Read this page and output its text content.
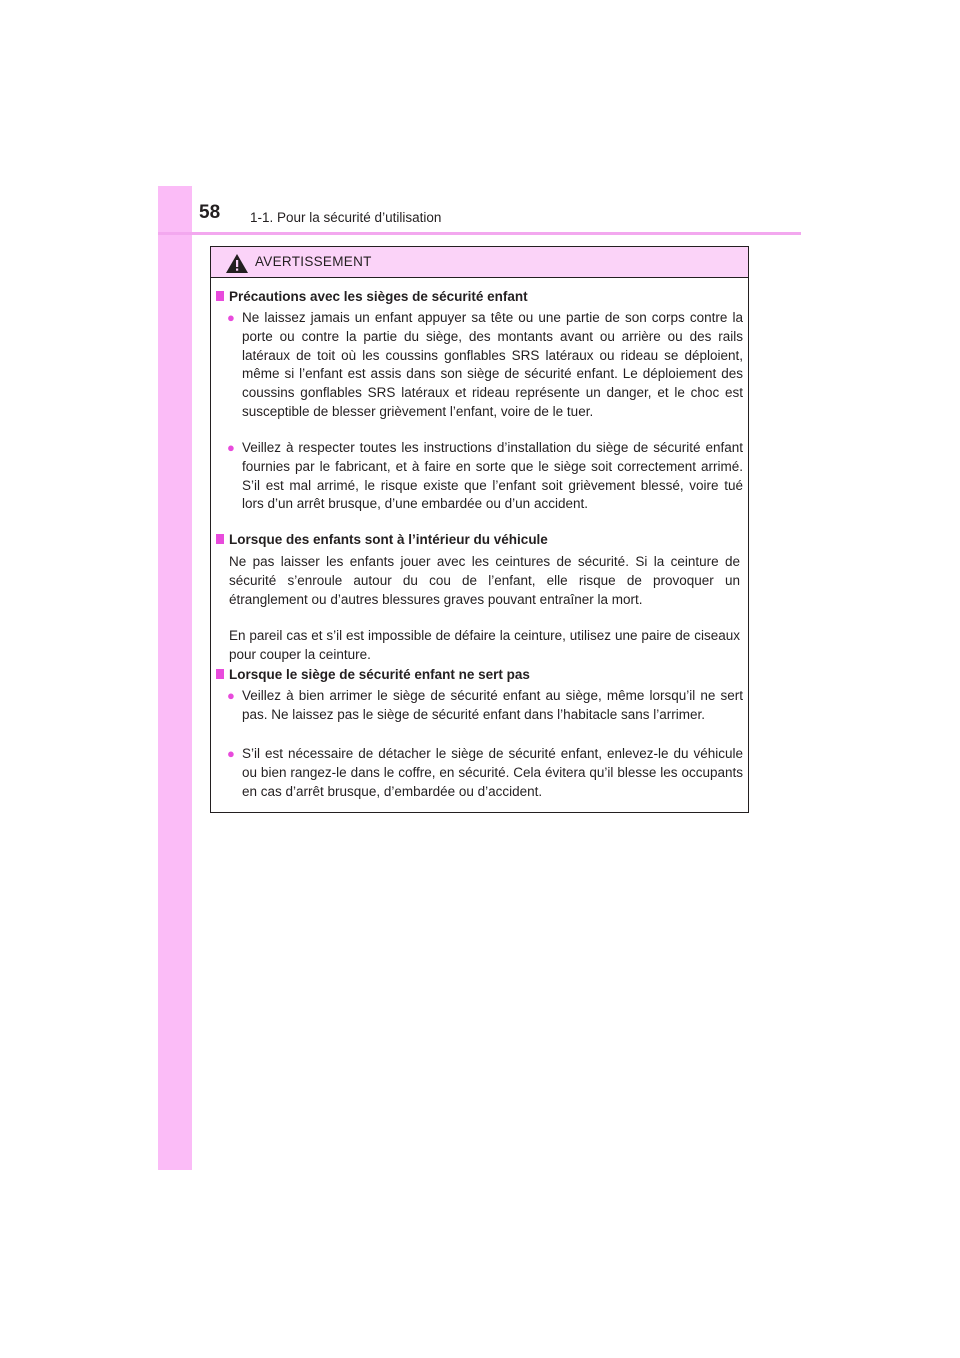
58 1-1. Pour la sécurité d’utilisation
AVERTISSEMENT
Précautions avec les sièges de sécurité enfant
● Ne laissez jamais un enfant appuyer sa tête ou une partie de son corps contre la porte ou contre la partie du siège, des montants avant ou arrière ou des rails latéraux de toit où les coussins gonflables SRS latéraux ou rideau se déploient, même si l’enfant est assis dans son siège de sécurité enfant. Le déploiement des coussins gonflables SRS latéraux et rideau représente un danger, et le choc est susceptible de blesser grièvement l’enfant, voire de le tuer.

● Veillez à respecter toutes les instructions d’installation du siège de sécurité enfant fournies par le fabricant, et à faire en sorte que le siège soit correctement arrimé. S’il est mal arrimé, le risque existe que l’enfant soit grièvement blessé, voire tué lors d’un arrêt brusque, d’une embardée ou d’un accident.

Lorsque des enfants sont à l’intérieur du véhicule

Ne pas laisser les enfants jouer avec les ceintures de sécurité. Si la ceinture de sécurité s’enroule autour du cou de l’enfant, elle risque de provoquer un étranglement ou d’autres blessures graves pouvant entraîner la mort.

En pareil cas et s’il est impossible de défaire la ceinture, utilisez une paire de ciseaux pour couper la ceinture.

Lorsque le siège de sécurité enfant ne sert pas
● Veillez à bien arrimer le siège de sécurité enfant au siège, même lorsqu’il ne sert pas. Ne laissez pas le siège de sécurité enfant dans l’habitacle sans l’arrimer.

● S’il est nécessaire de détacher le siège de sécurité enfant, enlevez-le du véhicule ou bien rangez-le dans le coffre, en sécurité. Cela évitera qu’il blesse les occupants en cas d’arrêt brusque, d’embardée ou d’accident.
